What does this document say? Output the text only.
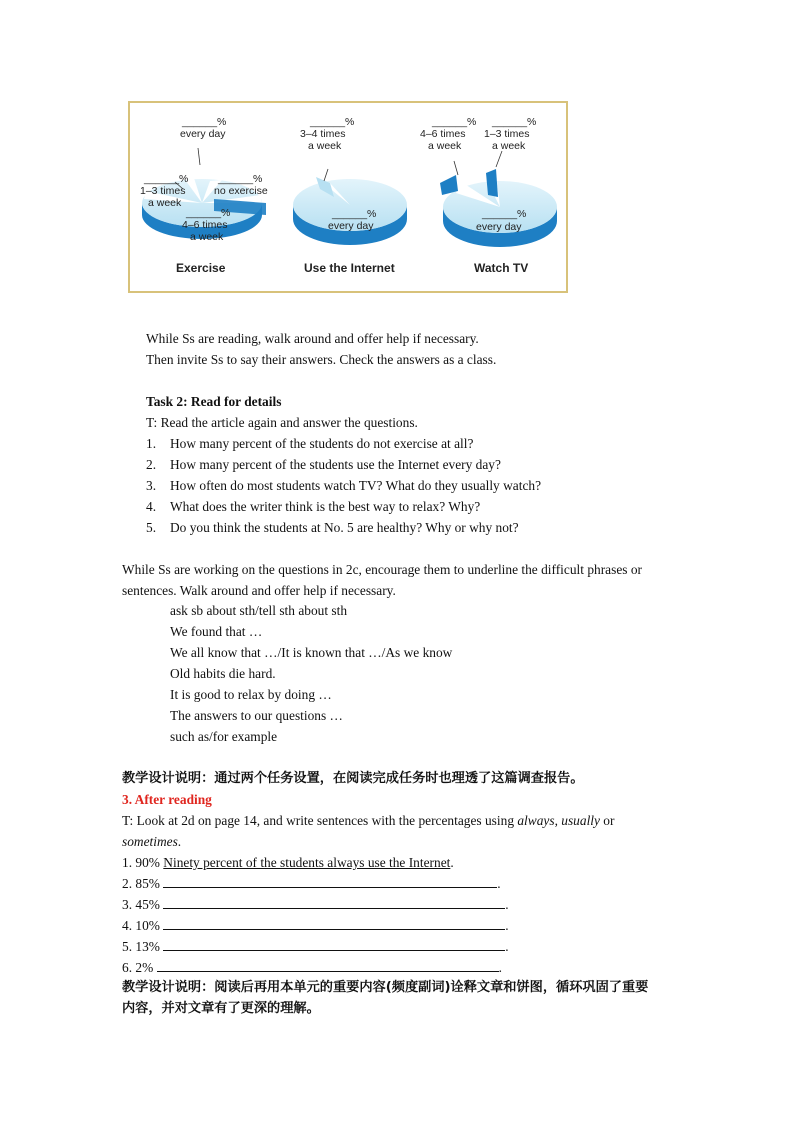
______%
every day
______%
no exercise
______%
1–3 times
a week
______%
4–6 times
a week
Exercise
______%
3–4 times
a week
______%
every day
Use the Internet
______%
4–6 times
a week
______%
1–3 times
a week
______%
every day
Watch TV
While Ss are reading, walk around and offer help if necessary.
Then invite Ss to say their answers. Check the answers as a class.
Task 2: Read for details
T: Read the article again and answer the questions.
1. How many percent of the students do not exercise at all?
2. How many percent of the students use the Internet every day?
3. How often do most students watch TV? What do they usually watch?
4. What does the writer think is the best way to relax? Why?
5. Do you think the students at No. 5 are healthy? Why or why not?
While Ss are working on the questions in 2c, encourage them to underline the difficult phrases or
sentences. Walk around and offer help if necessary.
ask sb about sth/tell sth about sth
We found that …
We all know that …/It is known that …/As we know
Old habits die hard.
It is good to relax by doing …
The answers to our questions …
such as/for example
教学设计说明：通过两个任务设置，在阅读完成任务时也理透了这篇调查报告。
3. After reading
T: Look at 2d on page 14, and write sentences with the percentages using always, usually or
sometimes.
1. 90% Ninety percent of the students always use the Internet.
2. 85%	.
3. 45%	.
4. 10%	.
5. 13%	.
6. 2%	.
教学设计说明：阅读后再用本单元的重要内容(频度副词)诠释文章和饼图，循环巩固了重要
内容，并对文章有了更深的理解。
